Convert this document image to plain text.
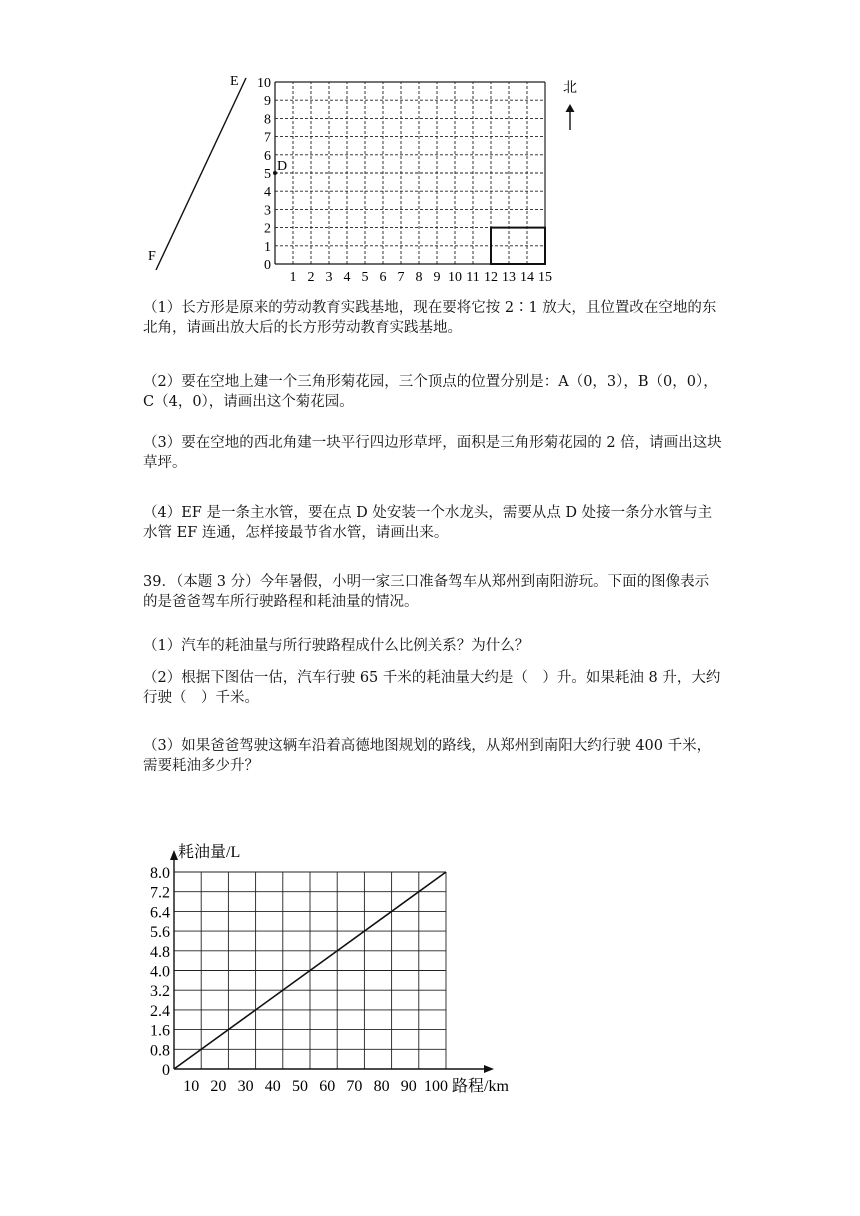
0
1
2
3
4
5
6
7
8
9
10
1 2 3 4 5 6 7 8 9 10 11 12 13 14 15
E
F
D
北

（1）长方形是原来的劳动教育实践基地，现在要将它按 2∶1 放大，且位置改在空地的东北角，请画出放大后的长方形劳动教育实践基地。

（2）要在空地上建一个三角形菊花园，三个顶点的位置分别是：A（0，3），B（0，0），C（4，0），请画出这个菊花园。

（3）要在空地的西北角建一块平行四边形草坪，面积是三角形菊花园的 2 倍，请画出这块草坪。

（4）EF 是一条主水管，要在点 D 处安装一个水龙头，需要从点 D 处接一条分水管与主水管 EF 连通，怎样接最节省水管，请画出来。

39．（本题 3 分）今年暑假，小明一家三口准备驾车从郑州到南阳游玩。下面的图像表示的是爸爸驾车所行驶路程和耗油量的情况。

（1）汽车的耗油量与所行驶路程成什么比例关系？为什么？

（2）根据下图估一估，汽车行驶 65 千米的耗油量大约是（　）升。如果耗油 8 升，大约行驶（　）千米。

（3）如果爸爸驾驶这辆车沿着高德地图规划的路线，从郑州到南阳大约行驶 400 千米，需要耗油多少升？

0
0.8
1.6
2.4
3.2
4.0
4.8
5.6
6.4
7.2
8.0
10 20 30 40 50 60 70 80 90 100
耗油量/L
路程/km
